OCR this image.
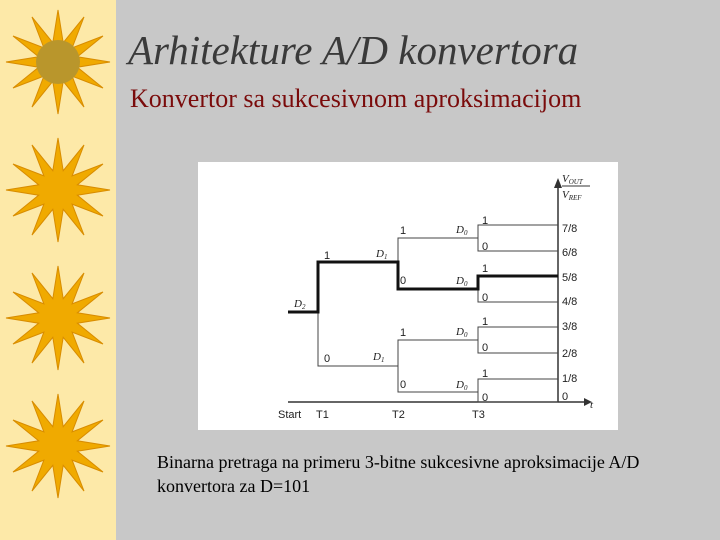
Arhitekture A/D konvertora
Konvertor sa sukcesivnom aproksimacijom
VOUT
VREF
D2
D1
D1
D0
D0
D0
D0
1
0
1
0
1
0
1
0
1
0
1
0
1
0
7/8
6/8
5/8
4/8
3/8
2/8
1/8
0
Start T1	T2	T3
t
Binarna pretraga na primeru 3-bitne sukcesivne aproksimacije A/D konvertora za D=101
